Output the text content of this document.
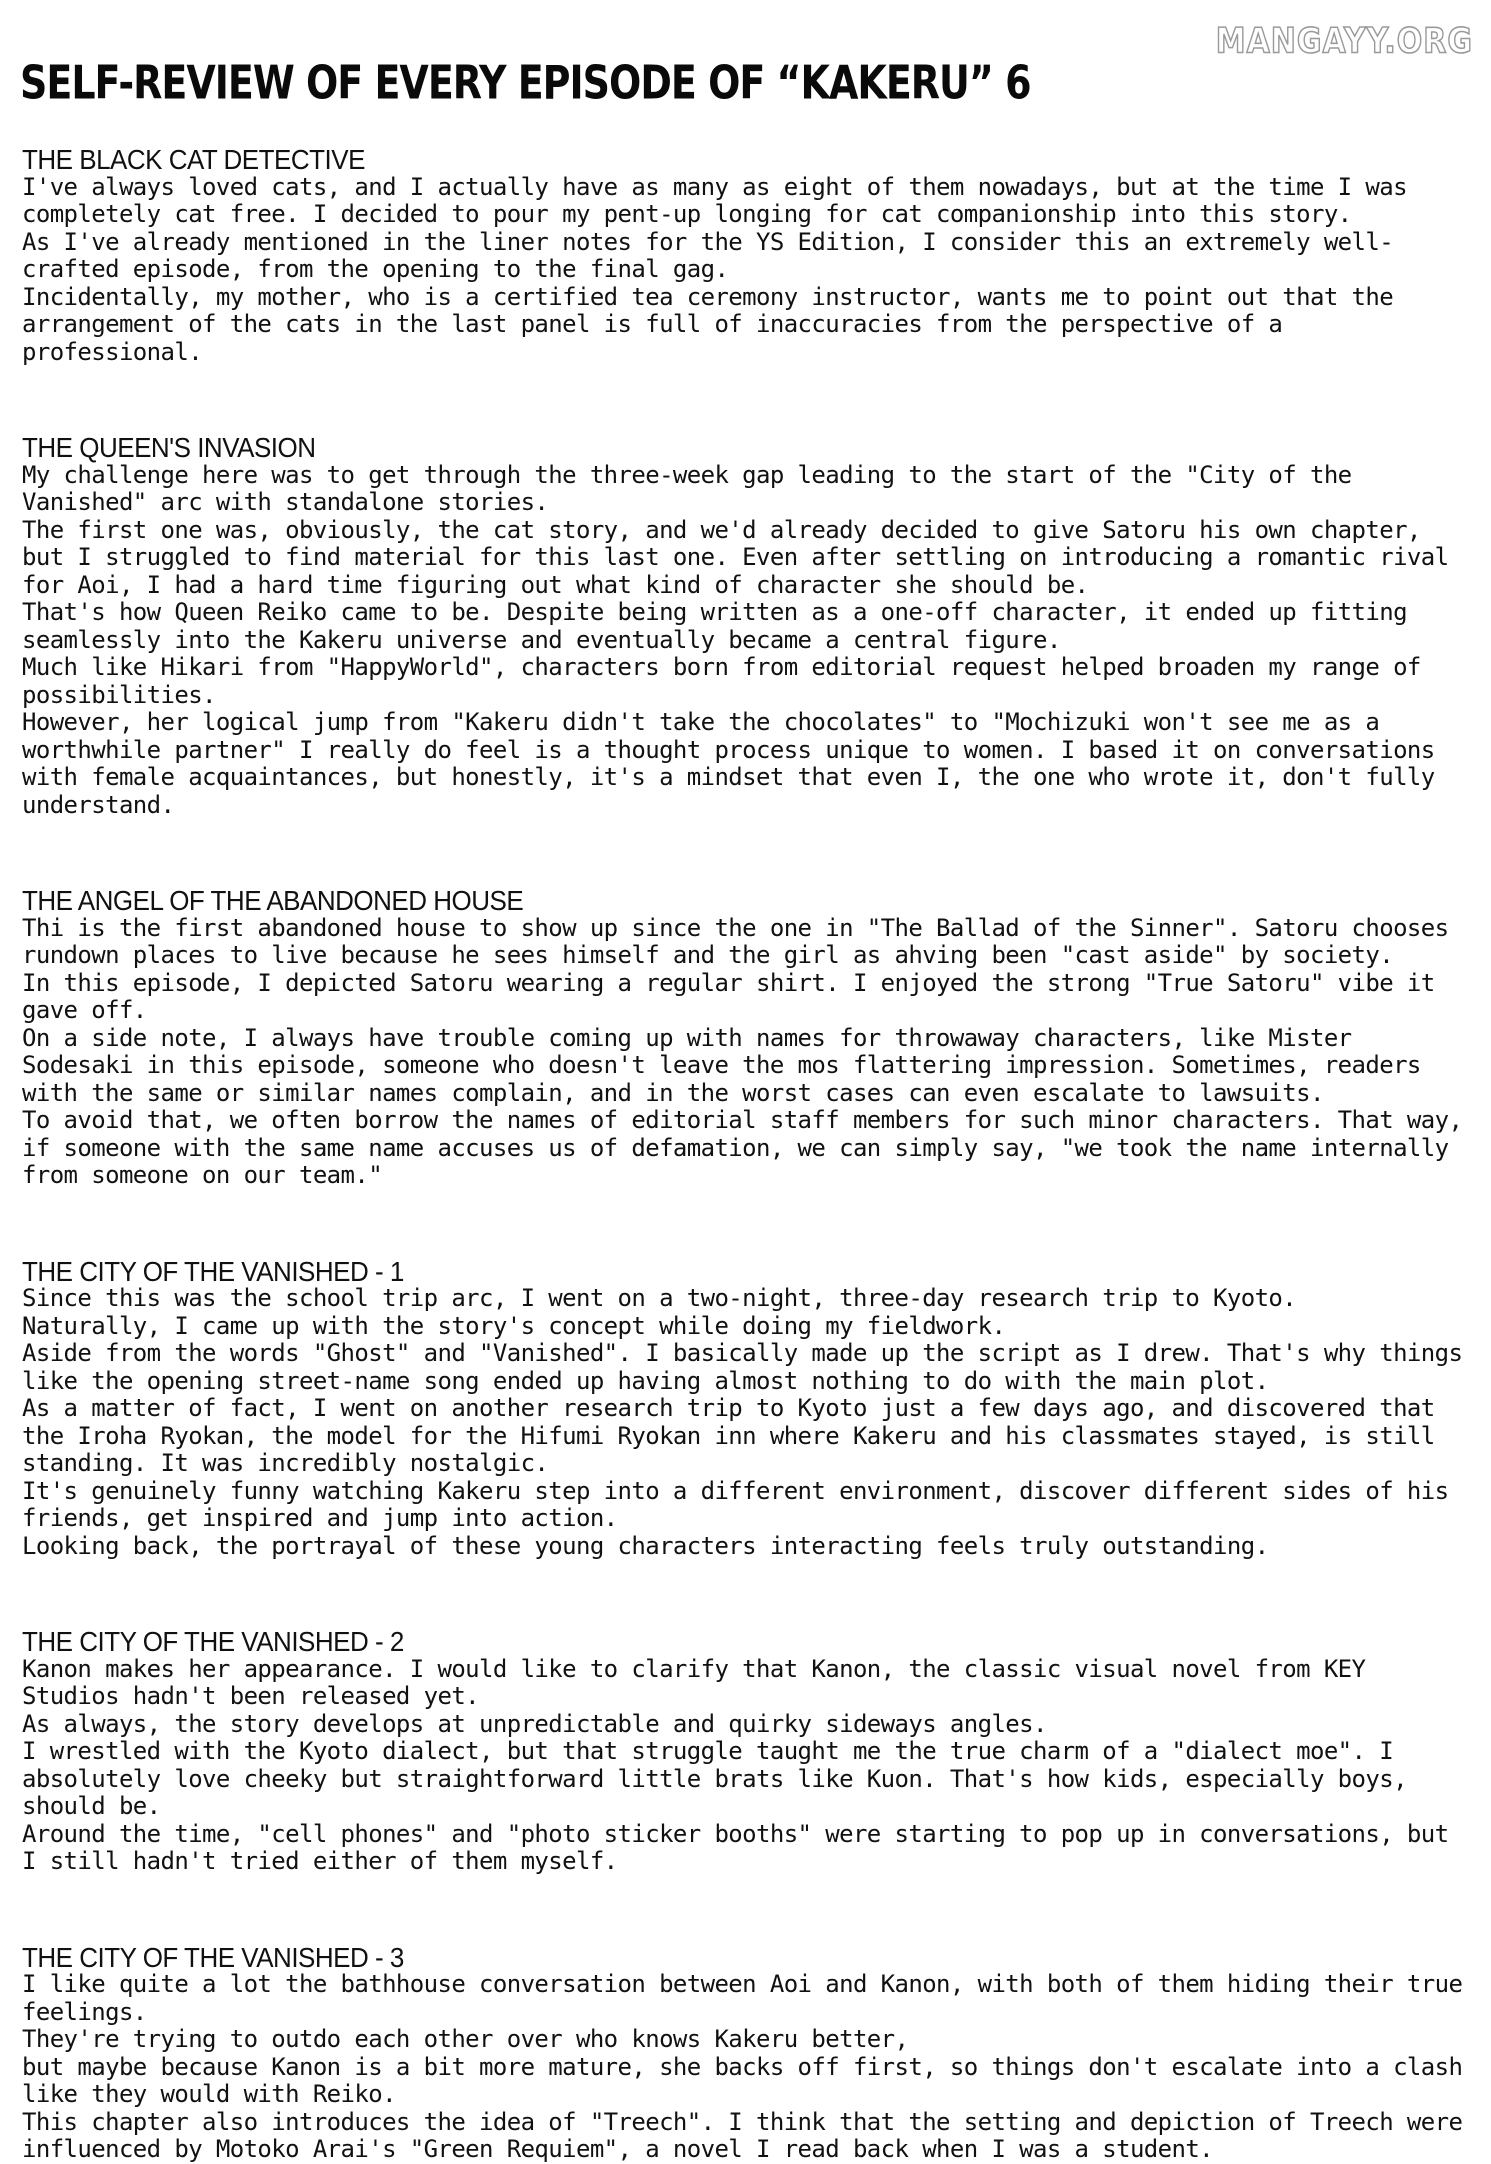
MANGAYY.ORG
SELF-REVIEW OF EVERY EPISODE OF “KAKERU” 6
THE BLACK CAT DETECTIVE

I've always loved cats, and I actually have as many as eight of them nowadays, but at the time I was completely cat free. I decided to pour my pent-up longing for cat companionship into this story.

As I've already mentioned in the liner notes for the YS Edition, I consider this an extremely well-crafted episode, from the opening to the final gag.

Incidentally, my mother, who is a certified tea ceremony instructor, wants me to point out that the arrangement of the cats in the last panel is full of inaccuracies from the perspective of a professional.

THE QUEEN'S INVASION

My challenge here was to get through the three-week gap leading to the start of the "City of the Vanished" arc with standalone stories.

The first one was, obviously, the cat story, and we'd already decided to give Satoru his own chapter, but I struggled to find material for this last one. Even after settling on introducing a romantic rival for Aoi, I had a hard time figuring out what kind of character she should be.

That's how Queen Reiko came to be. Despite being written as a one-off character, it ended up fitting seamlessly into the Kakeru universe and eventually became a central figure.

Much like Hikari from "HappyWorld", characters born from editorial request helped broaden my range of possibilities.

However, her logical jump from "Kakeru didn't take the chocolates" to "Mochizuki won't see me as a worthwhile partner" I really do feel is a thought process unique to women. I based it on conversations with female acquaintances, but honestly, it's a mindset that even I, the one who wrote it, don't fully understand.

THE ANGEL OF THE ABANDONED HOUSE

Thi is the first abandoned house to show up since the one in "The Ballad of the Sinner". Satoru chooses rundown places to live because he sees himself and the girl as ahving been "cast aside" by society.

In this episode, I depicted Satoru wearing a regular shirt. I enjoyed the strong "True Satoru" vibe it gave off.

On a side note, I always have trouble coming up with names for throwaway characters, like Mister Sodesaki in this episode, someone who doesn't leave the mos flattering impression. Sometimes, readers with the same or similar names complain, and in the worst cases can even escalate to lawsuits.

To avoid that, we often borrow the names of editorial staff members for such minor characters. That way, if someone with the same name accuses us of defamation, we can simply say, "we took the name internally from someone on our team."

THE CITY OF THE VANISHED - 1

Since this was the school trip arc, I went on a two-night, three-day research trip to Kyoto.

Naturally, I came up with the story's concept while doing my fieldwork.

Aside from the words "Ghost" and "Vanished". I basically made up the script as I drew. That's why things like the opening street-name song ended up having almost nothing to do with the main plot.

As a matter of fact, I went on another research trip to Kyoto just a few days ago, and discovered that the Iroha Ryokan, the model for the Hifumi Ryokan inn where Kakeru and his classmates stayed, is still standing. It was incredibly nostalgic.

It's genuinely funny watching Kakeru step into a different environment, discover different sides of his friends, get inspired and jump into action.

Looking back, the portrayal of these young characters interacting feels truly outstanding.

THE CITY OF THE VANISHED - 2

Kanon makes her appearance. I would like to clarify that Kanon, the classic visual novel from KEY Studios hadn't been released yet.

As always, the story develops at unpredictable and quirky sideways angles.

I wrestled with the Kyoto dialect, but that struggle taught me the true charm of a "dialect moe". I absolutely love cheeky but straightforward little brats like Kuon. That's how kids, especially boys, should be.

Around the time, "cell phones" and "photo sticker booths" were starting to pop up in conversations, but I still hadn't tried either of them myself.

THE CITY OF THE VANISHED - 3

I like quite a lot the bathhouse conversation between Aoi and Kanon, with both of them hiding their true feelings.

They're trying to outdo each other over who knows Kakeru better,

but maybe because Kanon is a bit more mature, she backs off first, so things don't escalate into a clash like they would with Reiko.

This chapter also introduces the idea of "Treech". I think that the setting and depiction of Treech were influenced by Motoko Arai's "Green Requiem", a novel I read back when I was a student.
